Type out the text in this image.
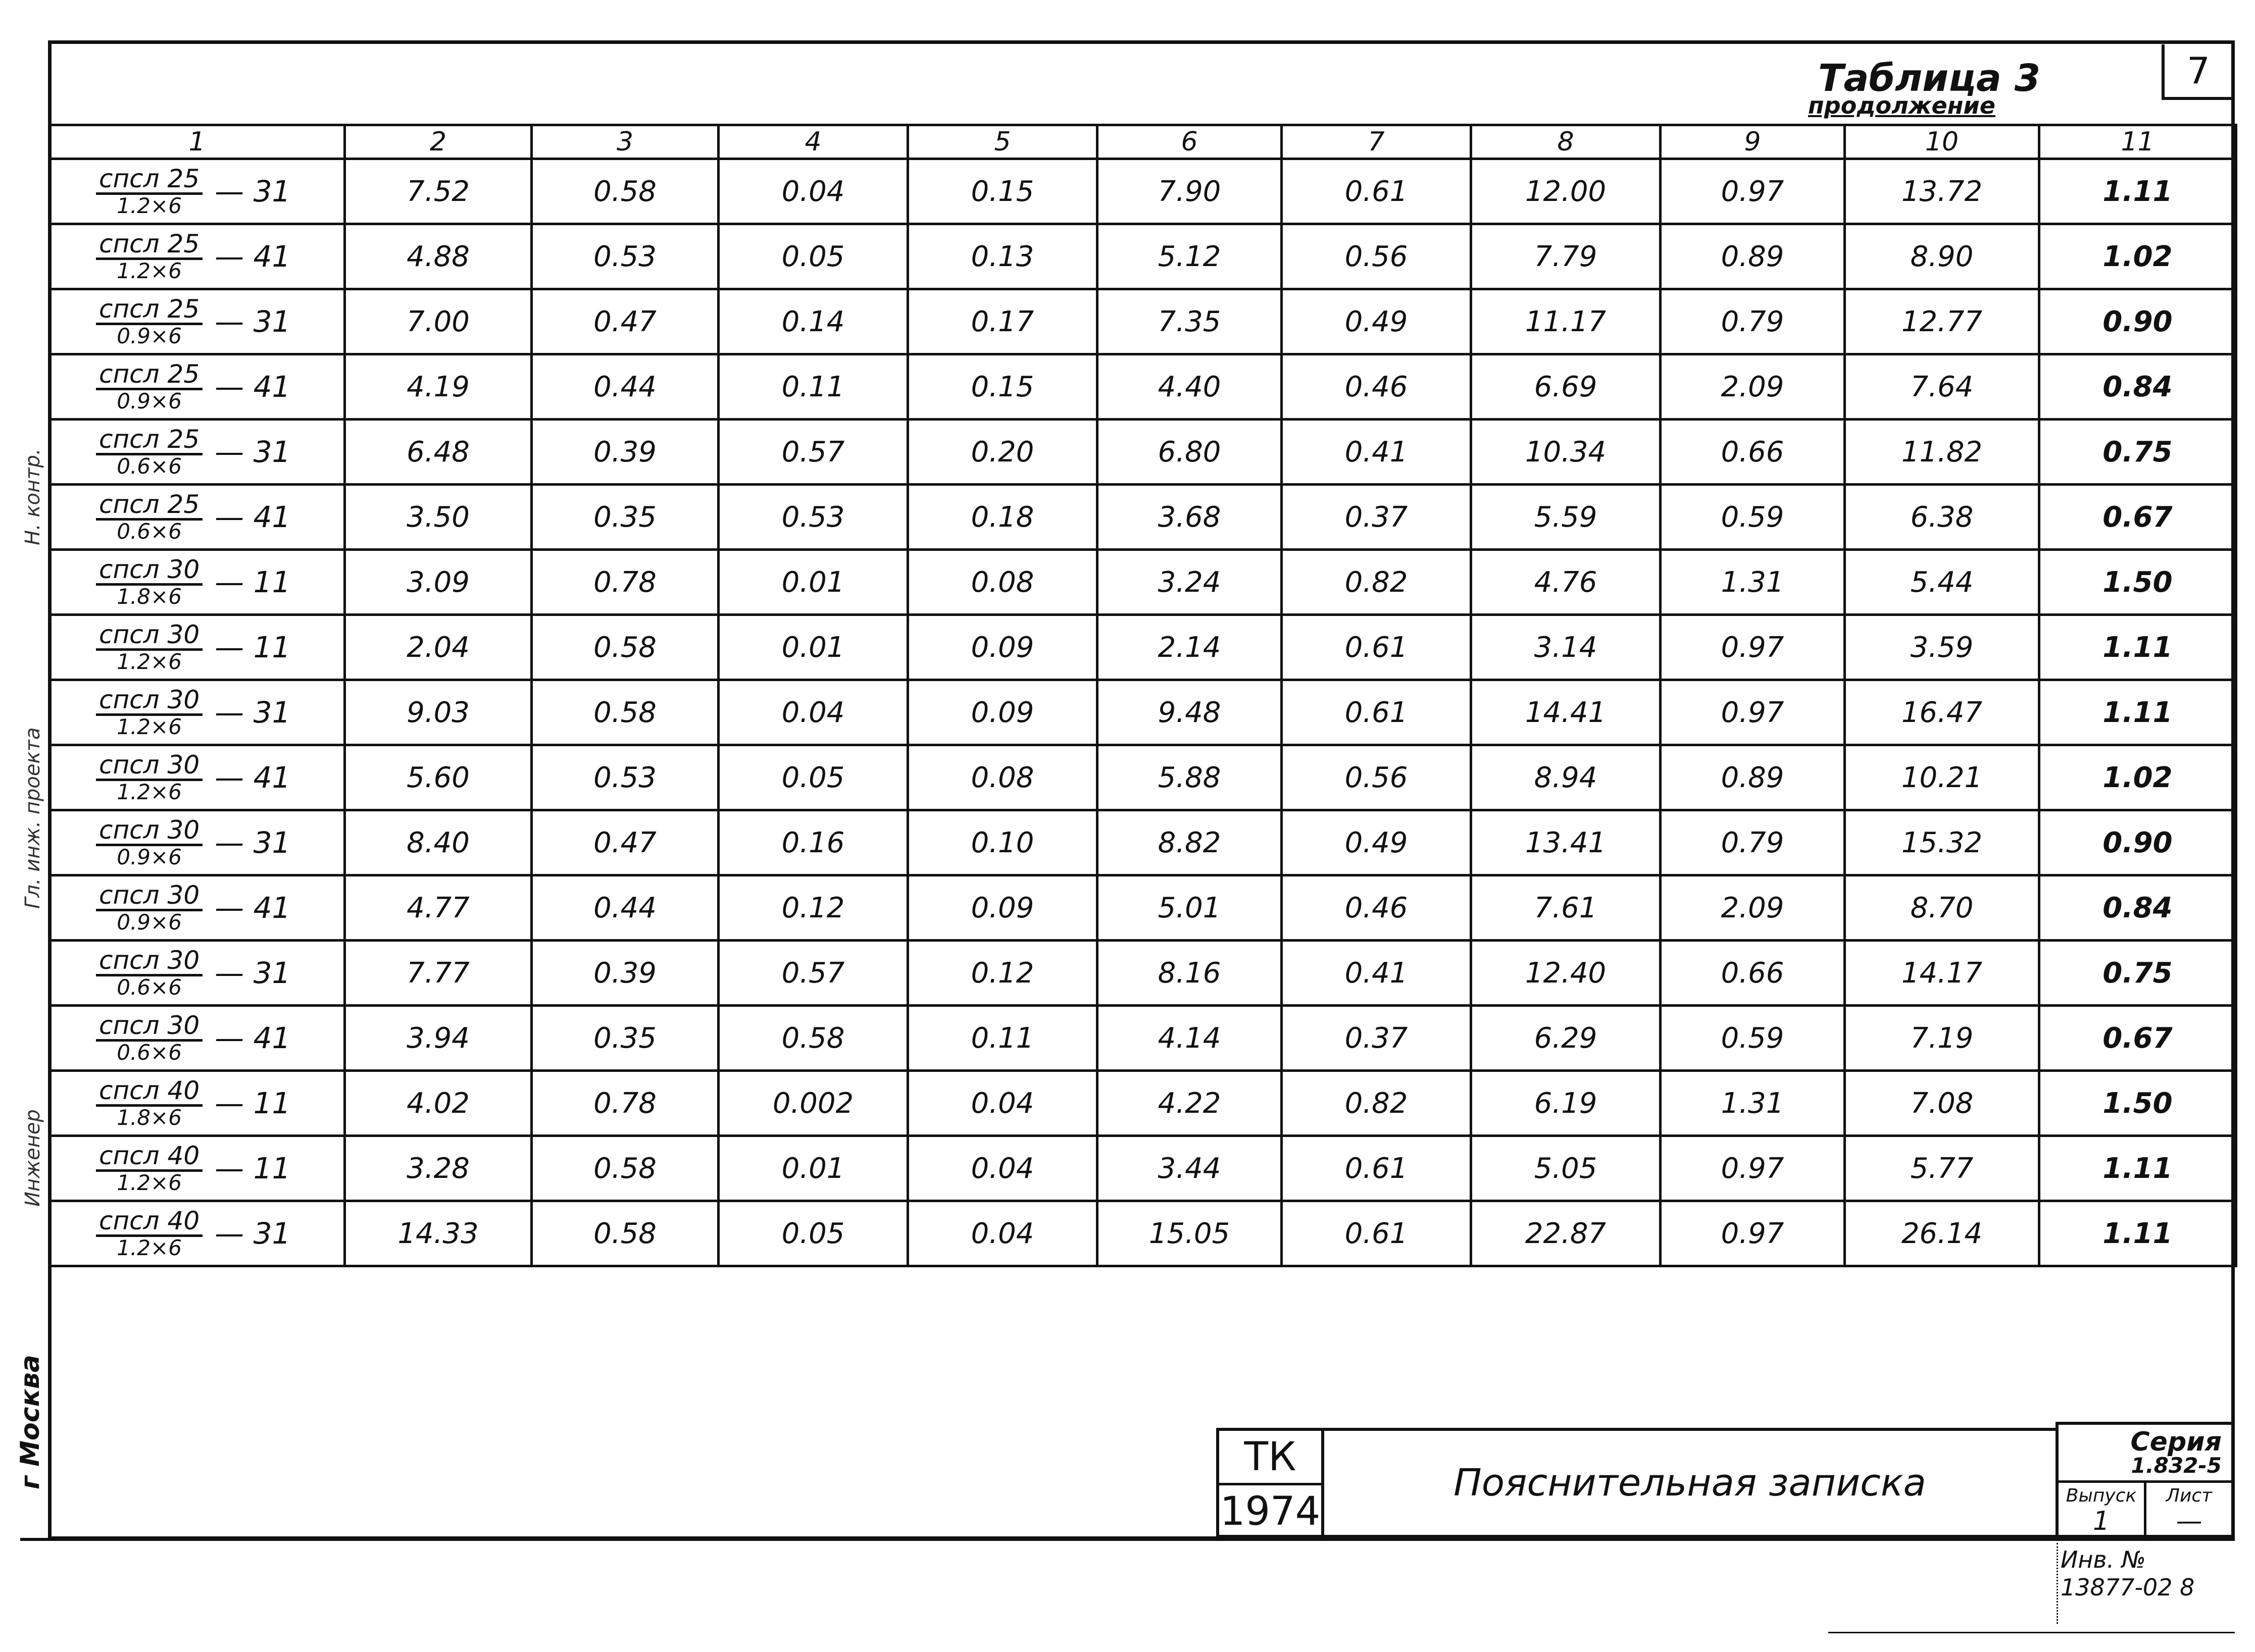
7
Таблица 3
продолжение
1	2	3	4	5	6	7	8	9	10	11

$\frac{\text{спсл 25}}{1.2\times 6}$ — 31	7.52	0.58	0.04	0.15	7.90	0.61	12.00	0.97	13.72	1.11

$\frac{\text{спсл 25}}{1.2\times 6}$ — 41	4.88	0.53	0.05	0.13	5.12	0.56	7.79	0.89	8.90	1.02

$\frac{\text{спсл 25}}{0.9\times 6}$ — 31	7.00	0.47	0.14	0.17	7.35	0.49	11.17	0.79	12.77	0.90

$\frac{\text{спсл 25}}{0.9\times 6}$ — 41	4.19	0.44	0.11	0.15	4.40	0.46	6.69	2.09	7.64	0.84

$\frac{\text{спсл 25}}{0.6\times 6}$ — 31	6.48	0.39	0.57	0.20	6.80	0.41	10.34	0.66	11.82	0.75

$\frac{\text{спсл 25}}{0.6\times 6}$ — 41	3.50	0.35	0.53	0.18	3.68	0.37	5.59	0.59	6.38	0.67

$\frac{\text{спсл 30}}{1.8\times 6}$ — 11	3.09	0.78	0.01	0.08	3.24	0.82	4.76	1.31	5.44	1.50

$\frac{\text{спсл 30}}{1.2\times 6}$ — 11	2.04	0.58	0.01	0.09	2.14	0.61	3.14	0.97	3.59	1.11

$\frac{\text{спсл 30}}{1.2\times 6}$ — 31	9.03	0.58	0.04	0.09	9.48	0.61	14.41	0.97	16.47	1.11

$\frac{\text{спсл 30}}{1.2\times 6}$ — 41	5.60	0.53	0.05	0.08	5.88	0.56	8.94	0.89	10.21	1.02

$\frac{\text{спсл 30}}{0.9\times 6}$ — 31	8.40	0.47	0.16	0.10	8.82	0.49	13.41	0.79	15.32	0.90

$\frac{\text{спсл 30}}{0.9\times 6}$ — 41	4.77	0.44	0.12	0.09	5.01	0.46	7.61	2.09	8.70	0.84

$\frac{\text{спсл 30}}{0.6\times 6}$ — 31	7.77	0.39	0.57	0.12	8.16	0.41	12.40	0.66	14.17	0.75

$\frac{\text{спсл 30}}{0.6\times 6}$ — 41	3.94	0.35	0.58	0.11	4.14	0.37	6.29	0.59	7.19	0.67

$\frac{\text{спсл 40}}{1.8\times 6}$ — 11	4.02	0.78	0.002	0.04	4.22	0.82	6.19	1.31	7.08	1.50

$\frac{\text{спсл 40}}{1.2\times 6}$ — 11	3.28	0.58	0.01	0.04	3.44	0.61	5.05	0.97	5.77	1.11

$\frac{\text{спсл 40}}{1.2\times 6}$ — 31	14.33	0.58	0.05	0.04	15.05	0.61	22.87	0.97	26.14	1.11
Инженер
Гл. инж. проекта
Н. контр.
г Москва	ТК
1974
Пояснительная записка
Серия
1.832-5
Выпуск
1
Лист
—
Инв. №
13877-02 8
